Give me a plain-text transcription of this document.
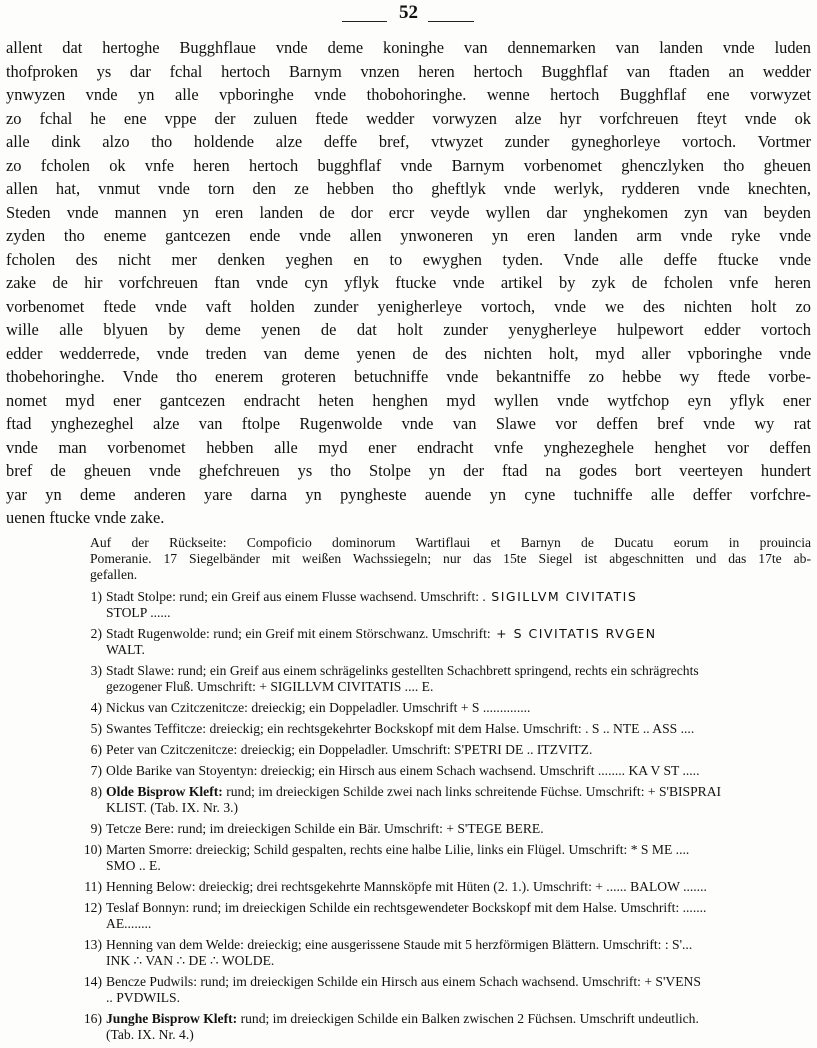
52
allent dat hertoghe Bugghflaue vnde deme koninghe van dennemarken van landen vnde luden
thofproken ys dar fchal hertoch Barnym vnzen heren hertoch Bugghflaf van ftaden an wedder
ynwyzen vnde yn alle vpboringhe vnde thobohoringhe. wenne hertoch Bugghflaf ene vorwyzet
zo fchal he ene vppe der zuluen ftede wedder vorwyzen alze hyr vorfchreuen fteyt vnde ok
alle dink alzo tho holdende alze deffe bref, vtwyzet zunder gyneghorleye vortoch. Vortmer
zo fcholen ok vnfe heren hertoch bugghflaf vnde Barnym vorbenomet ghenczlyken tho gheuen
allen hat, vnmut vnde torn den ze hebben tho gheftlyk vnde werlyk, rydderen vnde knechten,
Steden vnde mannen yn eren landen de dor ercr veyde wyllen dar ynghekomen zyn van beyden
zyden tho eneme gantcezen ende vnde allen ynwoneren yn eren landen arm vnde ryke vnde
fcholen des nicht mer denken yeghen en to ewyghen tyden. Vnde alle deffe ftucke vnde
zake de hir vorfchreuen ftan vnde cyn yflyk ftucke vnde artikel by zyk de fcholen vnfe heren
vorbenomet ftede vnde vaft holden zunder yenigherleye vortoch, vnde we des nichten holt zo
wille alle blyuen by deme yenen de dat holt zunder yenygherleye hulpewort edder vortoch
edder wedderrede, vnde treden van deme yenen de des nichten holt, myd aller vpboringhe vnde
thobehoringhe. Vnde tho enerem groteren betuchniffe vnde bekantniffe zo hebbe wy ftede vorbe-
nomet myd ener gantcezen endracht heten henghen myd wyllen vnde wytfchop eyn yflyk ener
ftad ynghezeghel alze van ftolpe Rugenwolde vnde van Slawe vor deffen bref vnde wy rat
vnde man vorbenomet hebben alle myd ener endracht vnfe ynghezeghele henghet vor deffen
bref de gheuen vnde ghefchreuen ys tho Stolpe yn der ftad na godes bort veerteyen hundert
yar yn deme anderen yare darna yn pyngheste auende yn cyne tuchniffe alle deffer vorfchre-
uenen ftucke vnde zake.
Auf der Rückseite: Compoficio dominorum Wartiflaui et Barnyn de Ducatu eorum in prouincia
Pomeranie. 17 Siegelbänder mit weißen Wachssiegeln; nur das 15te Siegel ist abgeschnitten und das 17te ab-
gefallen.
1) Stadt Stolpe: rund; ein Greif aus einem Flusse wachsend. Umschrift: . SIGILLVM CIVITATIS
STOLP ......
2) Stadt Rugenwolde: rund; ein Greif mit einem Störschwanz. Umschrift: + S CIVITATIS RVGEN
WALT.
3) Stadt Slawe: rund; ein Greif aus einem schrägelinks gestellten Schachbrett springend, rechts ein schrägrechts
gezogener Fluß. Umschrift: + SIGILLVM CIVITATIS .... E.
4) Nickus van Czitczenitcze: dreieckig; ein Doppeladler. Umschrift + S ..............
5) Swantes Teffitcze: dreieckig; ein rechtsgekehrter Bockskopf mit dem Halse. Umschrift: . S .. NTE .. ASS ....
6) Peter van Czitczenitcze: dreieckig; ein Doppeladler. Umschrift: S'PETRI DE .. ITZVITZ.
7) Olde Barike van Stoyentyn: dreieckig; ein Hirsch aus einem Schach wachsend. Umschrift ........ KA V ST .....
8) Olde Bisprow Kleft: rund; im dreieckigen Schilde zwei nach links schreitende Füchse. Umschrift: + S'BISPRAI
KLIST. (Tab. IX. Nr. 3.)
9) Tetcze Bere: rund; im dreieckigen Schilde ein Bär. Umschrift: + S'TEGE BERE.
10) Marten Smorre: dreieckig; Schild gespalten, rechts eine halbe Lilie, links ein Flügel. Umschrift: * S ME ....
SMO .. E.
11) Henning Below: dreieckig; drei rechtsgekehrte Mannsköpfe mit Hüten (2. 1.). Umschrift: + ...... BALOW .......
12) Teslaf Bonnyn: rund; im dreieckigen Schilde ein rechtsgewendeter Bockskopf mit dem Halse. Umschrift: .......
AE........
13) Henning van dem Welde: dreieckig; eine ausgerissene Staude mit 5 herzförmigen Blättern. Umschrift: : S'...
INK ∴ VAN ∴ DE ∴ WOLDE.
14) Bencze Pudwils: rund; im dreieckigen Schilde ein Hirsch aus einem Schach wachsend. Umschrift: + S'VENS
.. PVDWILS.
16) Junghe Bisprow Kleft: rund; im dreieckigen Schilde ein Balken zwischen 2 Füchsen. Umschrift undeutlich.
(Tab. IX. Nr. 4.)
